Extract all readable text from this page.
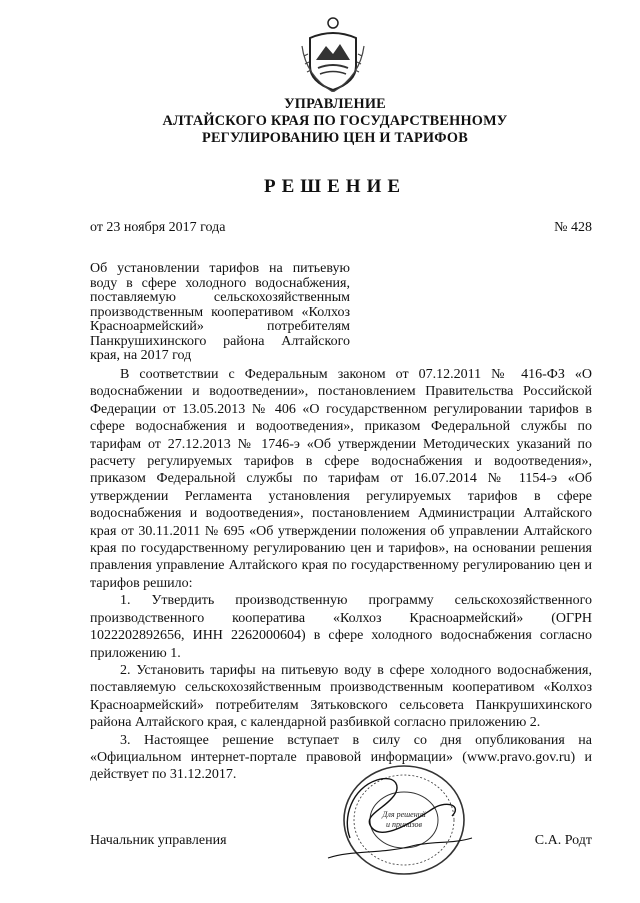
УПРАВЛЕНИЕ
АЛТАЙСКОГО КРАЯ ПО ГОСУДАРСТВЕННОМУ
РЕГУЛИРОВАНИЮ ЦЕН И ТАРИФОВ
РЕШЕНИЕ
от 23 ноября 2017 года	№ 428
Об установлении тарифов на питьевую воду в сфере холодного водоснабжения, поставляемую сельскохозяйственным производственным кооперативом «Колхоз Красноармейский» потребителям Панкрушихинского района Алтайского края, на 2017 год

В соответствии с Федеральным законом от 07.12.2011 № 416-ФЗ «О водоснабжении и водоотведении», постановлением Правительства Российской Федерации от 13.05.2013 № 406 «О государственном регулировании тарифов в сфере водоснабжения и водоотведения», приказом Федеральной службы по тарифам от 27.12.2013 № 1746-э «Об утверждении Методических указаний по расчету регулируемых тарифов в сфере водоснабжения и водоотведения», приказом Федеральной службы по тарифам от 16.07.2014 № 1154-э «Об утверждении Регламента установления регулируемых тарифов в сфере водоснабжения и водоотведения», постановлением Администрации Алтайского края от 30.11.2011 № 695 «Об утверждении положения об управлении Алтайского края по государственному регулированию цен и тарифов», на основании решения правления управление Алтайского края по государственному регулированию цен и тарифов решило:

1. Утвердить производственную программу сельскохозяйственного производственного кооператива «Колхоз Красноармейский» (ОГРН 1022202892656, ИНН 2262000604) в сфере холодного водоснабжения согласно приложению 1.

2. Установить тарифы на питьевую воду в сфере холодного водоснабжения, поставляемую сельскохозяйственным производственным кооперативом «Колхоз Красноармейский» потребителям Зятьковского сельсовета Панкрушихинского района Алтайского края, с календарной разбивкой согласно приложению 2.

3. Настоящее решение вступает в силу со дня опубликования на «Официальном интернет-портале правовой информации» (www.pravo.gov.ru) и действует по 31.12.2017.

Начальник управления	С.А. Родт
Для решений
и приказов
